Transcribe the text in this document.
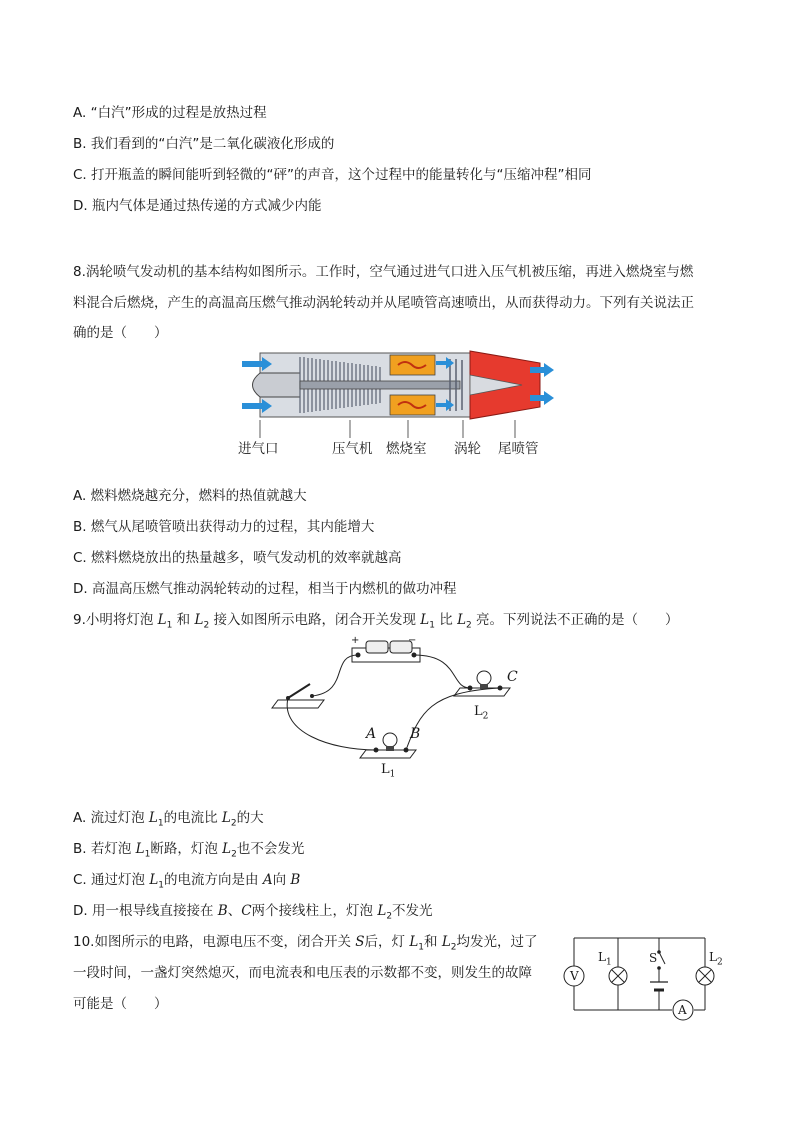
A. “白汽”形成的过程是放热过程
B. 我们看到的“白汽”是二氧化碳液化形成的
C. 打开瓶盖的瞬间能听到轻微的“砰”的声音，这个过程中的能量转化与“压缩冲程”相同
D. 瓶内气体是通过热传递的方式减少内能
8.涡轮喷气发动机的基本结构如图所示。工作时，空气通过进气口进入压气机被压缩，再进入燃烧室与燃
料混合后燃烧，产生的高温高压燃气推动涡轮转动并从尾喷管高速喷出，从而获得动力。下列有关说法正
确的是（　　）
进气口	压气机 燃烧室 涡轮 尾喷管
A. 燃料燃烧越充分，燃料的热值就越大
B. 燃气从尾喷管喷出获得动力的过程，其内能增大
C. 燃料燃烧放出的热量越多，喷气发动机的效率就越高
D. 高温高压燃气推动涡轮转动的过程，相当于内燃机的做功冲程
9.小明将灯泡 $L_1$ 和 $L_2$ 接入如图所示电路，闭合开关发现 $L_1$ 比 $L_2$ 亮。下列说法不正确的是（　　）
+	−
C
$L_2$
A B
$L_1$
A. 流过灯泡 $L_1$的电流比 $L_2$的大
B. 若灯泡 $L_1$断路，灯泡 $L_2$也不会发光
C. 通过灯泡 $L_1$的电流方向是由 A向 B
D. 用一根导线直接接在 B、C两个接线柱上，灯泡 $L_2$不发光
10.如图所示的电路，电源电压不变，闭合开关 S后，灯 $L_1$和 $L_2$均发光，过了
一段时间，一盏灯突然熄灭，而电流表和电压表的示数都不变，则发生的故障
可能是（　　）
V
A
S
$L_1$	$L_2$
